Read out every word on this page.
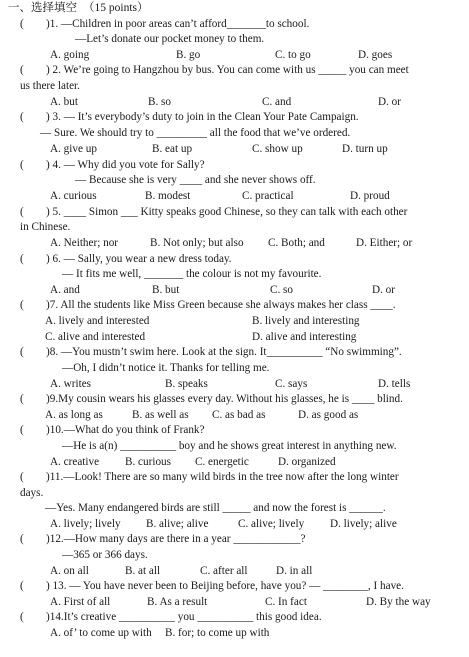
一、选择填空 （15 points）
( )1. —Children in poor areas can’t afford_______to school.
—Let’s donate our pocket money to them.
A. going	B. go	C. to go	D. goes
( ) 2. We’re going to Hangzhou by bus. You can come with us _____ you can meet
us there later.
A. but	B. so	C. and	D. or
( ) 3. — It’s everybody’s duty to join in the Clean Your Pate Campaign.
— Sure. We should try to _________ all the food that we’ve ordered.
A. give up	B. eat up	C. show up	D. turn up
( ) 4. — Why did you vote for Sally?
— Because she is very ____ and she never shows off.
A. curious	B. modest	C. practical	D. proud
( ) 5. ____ Simon ___ Kitty speaks good Chinese, so they can talk with each other
in Chinese.
A. Neither; nor	B. Not only; but also C. Both; and	D. Either; or
( ) 6. — Sally, you wear a new dress today.
— It fits me well, _______ the colour is not my favourite.
A. and	B. but	C. so	D. or
( )7. All the students like Miss Green because she always makes her class ____.
A. lively and interested	B. lively and interesting
C. alive and interested	D. alive and interesting
( )8. —You mustn’t swim here. Look at the sign. It__________ “No swimming”.
—Oh, I didn’t notice it. Thanks for telling me.
A. writes	B. speaks	C. says	D. tells
( )9.My cousin wears his glasses every day. Without his glasses, he is ____ blind.
A. as long as	B. as well as C. as bad as	D. as good as
( )10.—What do you think of Frank?
—He is a(n) __________ boy and he shows great interest in anything new.
A. creative B. curious C. energetic	D. organized
( )11.—Look! There are so many wild birds in the tree now after the long winter
days.
—Yes. Many endangered birds are still _____ and now the forest is ______.
A. lively; lively B. alive; alive	C. alive; lively D. lively; alive
( )12.—How many days are there in a year ____________?
—365 or 366 days.
A. on all	B. at all	C. after all	D. in all
( ) 13. — You have never been to Beijing before, have you? — ________, I have.
A. First of all	B. As a result	C. In fact	D. By the way
( )14.It’s creative __________ you __________ this good idea.
A. of’ to come up with B. for; to come up with
